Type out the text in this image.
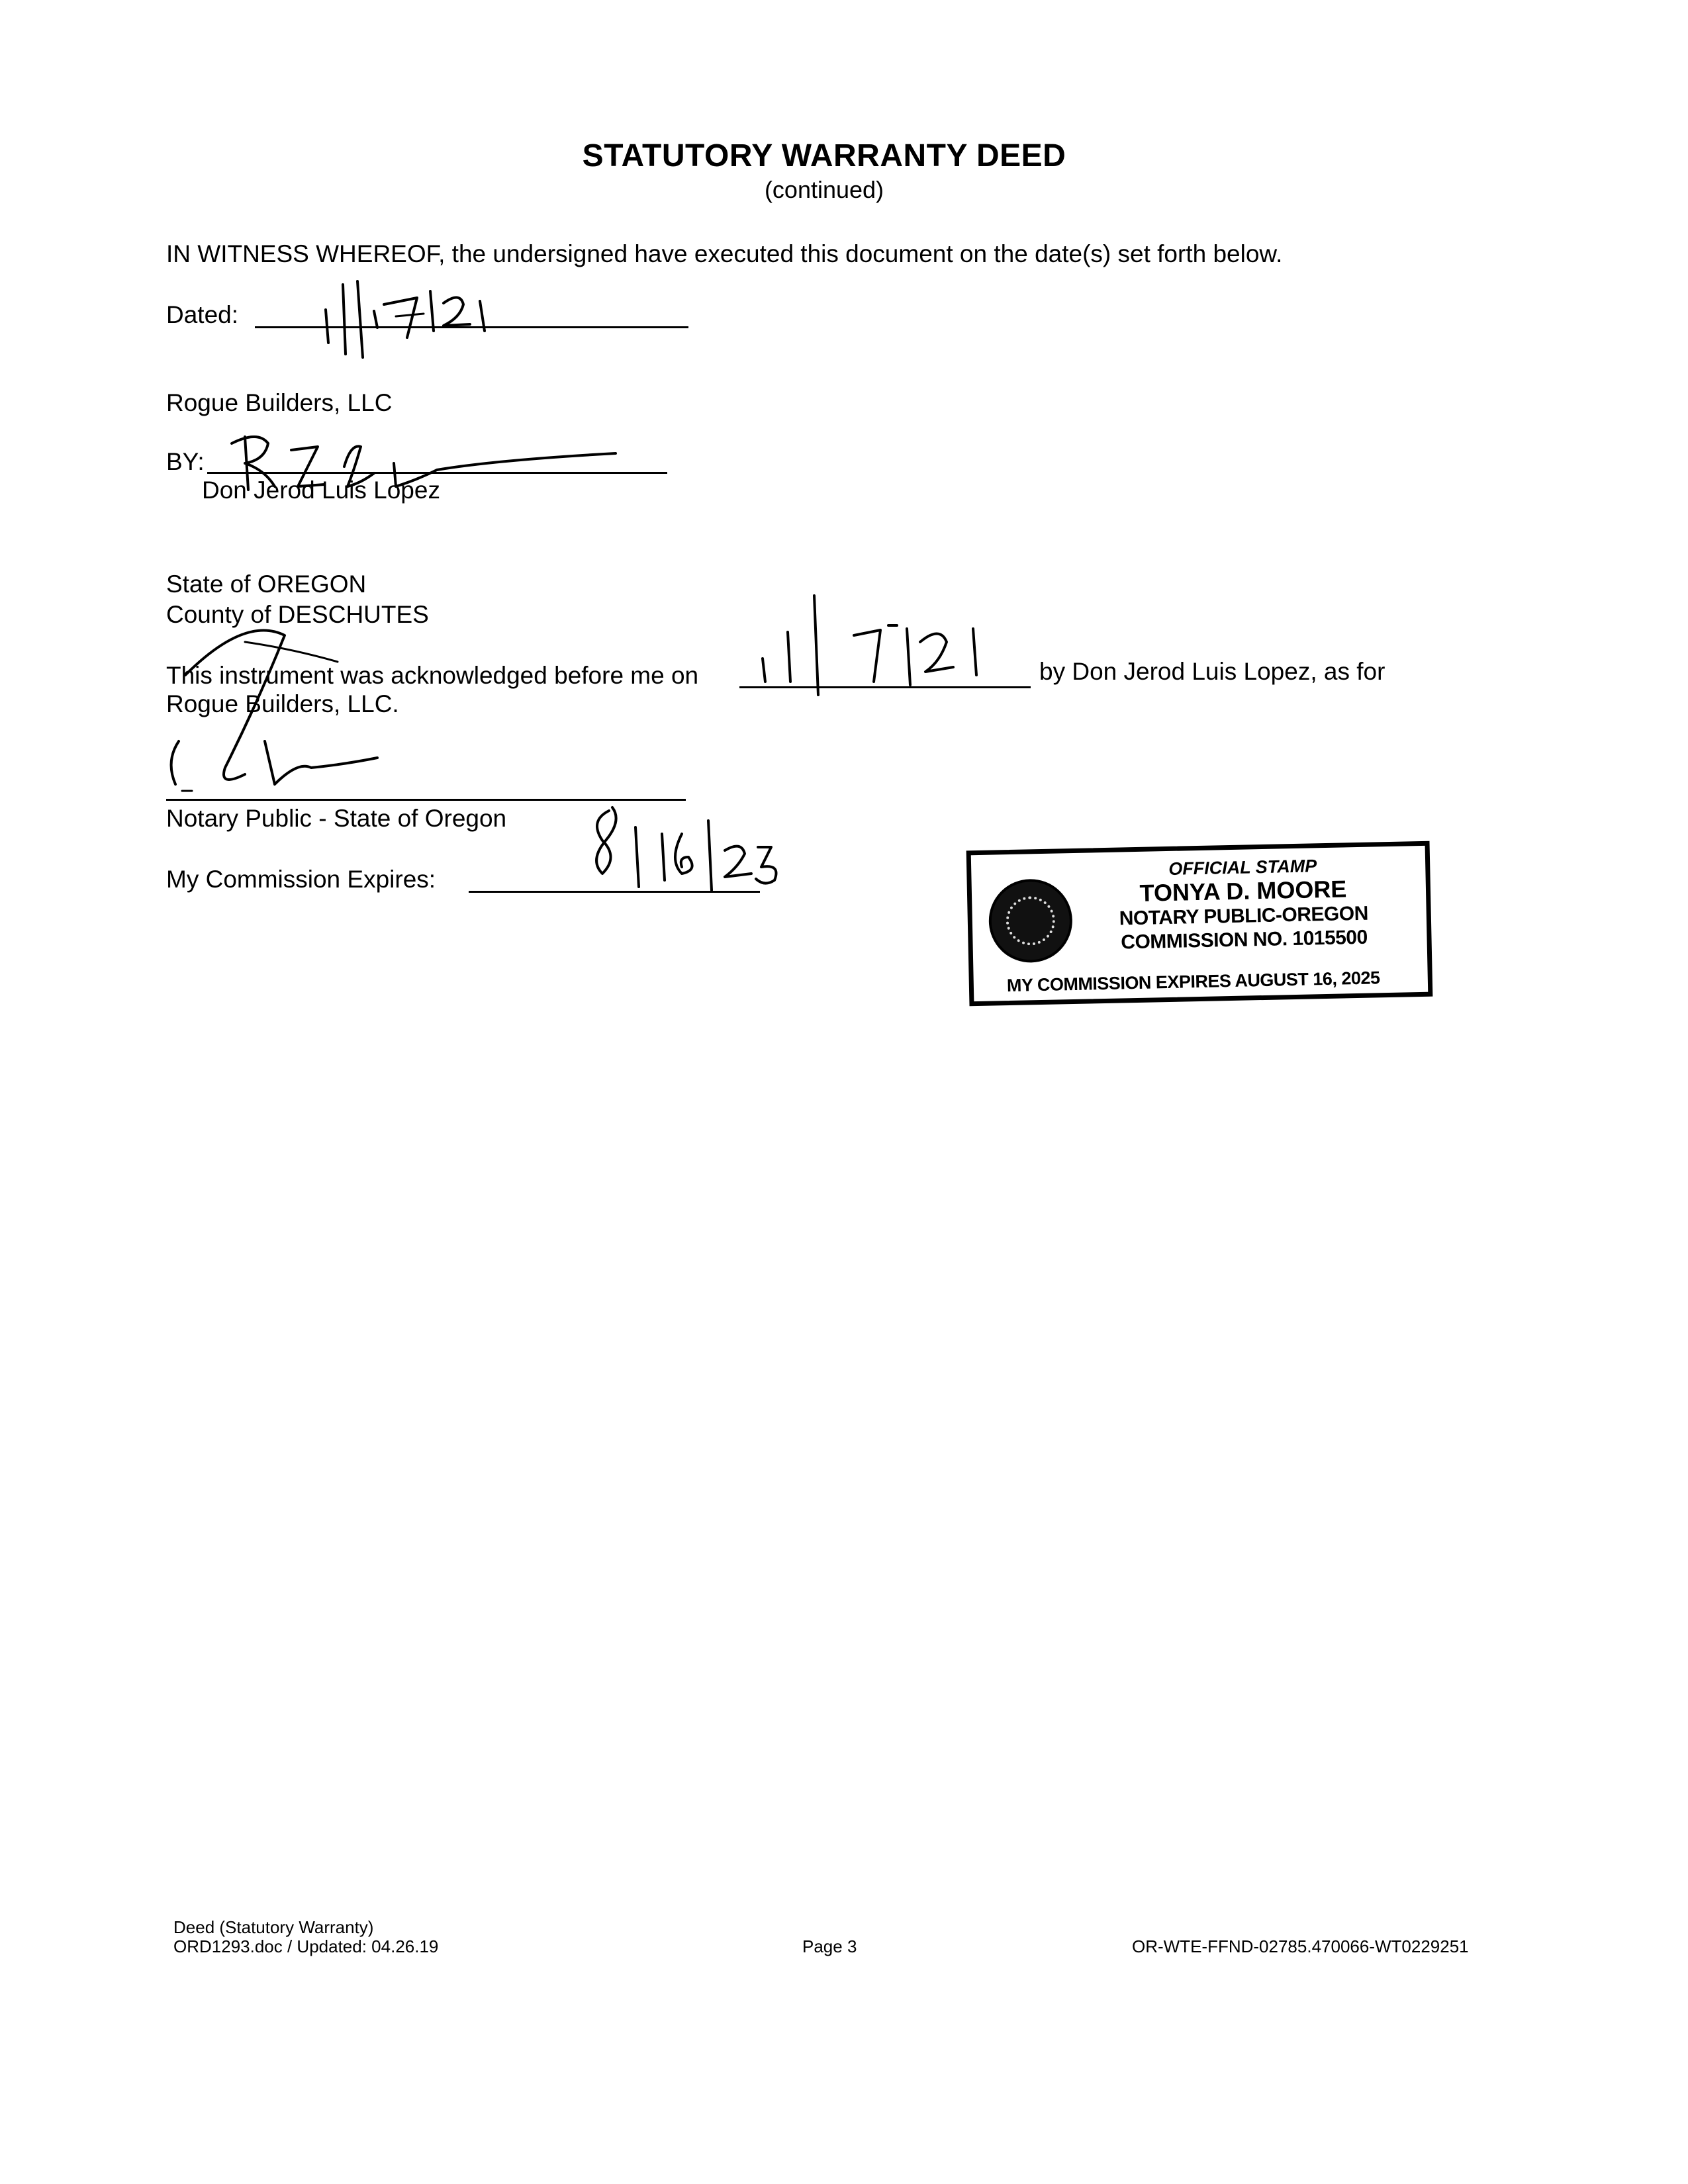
STATUTORY WARRANTY DEED
(continued)
IN WITNESS WHEREOF, the undersigned have executed this document on the date(s) set forth below.
Dated:
Rogue Builders, LLC
BY:
Don Jerod Luis Lopez
State of OREGON
County of DESCHUTES
This instrument was acknowledged before me on	by Don Jerod Luis Lopez, as for
Rogue Builders, LLC.
Notary Public - State of Oregon
My Commission Expires:	OFFICIAL STAMP
TONYA D. MOORE
NOTARY PUBLIC-OREGON
COMMISSION NO. 1015500
MY COMMISSION EXPIRES AUGUST 16, 2025
Deed (Statutory Warranty)
ORD1293.doc / Updated: 04.26.19	Page 3	OR-WTE-FFND-02785.470066-WT0229251
